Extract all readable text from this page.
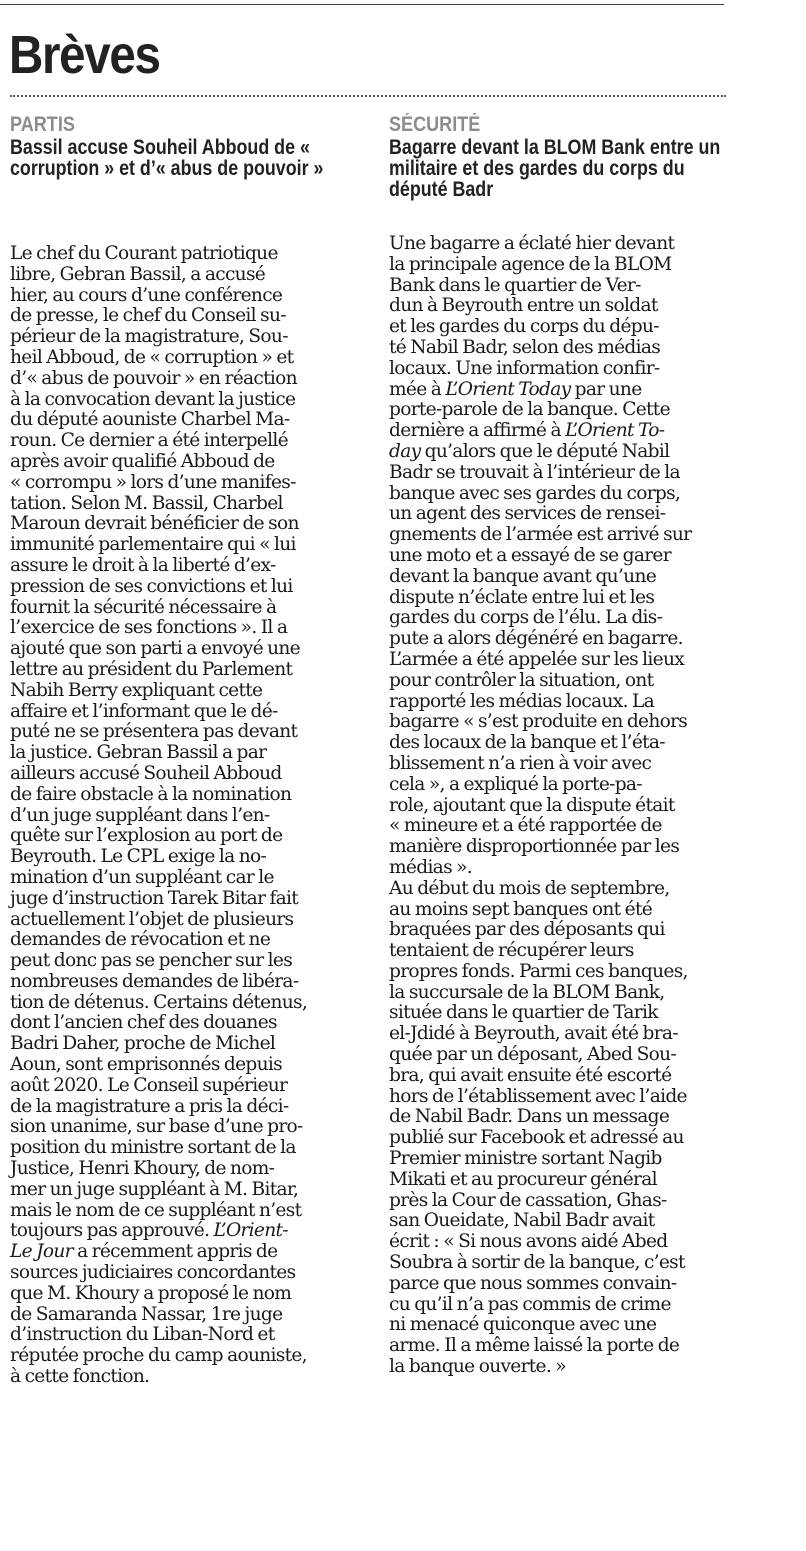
Brèves
PARTIS
Bassil accuse Souheil Abboud de « corruption » et d’« abus de pouvoir »
Le chef du Courant patriotique
libre, Gebran Bassil, a accusé
hier, au cours d’une conférence
de presse, le chef du Conseil su-
périeur de la magistrature, Sou-
heil Abboud, de « corruption » et
d’« abus de pouvoir » en réaction
à la convocation devant la justice
du député aouniste Charbel Ma-
roun. Ce dernier a été interpellé
après avoir qualifié Abboud de
« corrompu » lors d’une manifes-
tation. Selon M. Bassil, Charbel
Maroun devrait bénéficier de son
immunité parlementaire qui « lui
assure le droit à la liberté d’ex-
pression de ses convictions et lui
fournit la sécurité nécessaire à
l’exercice de ses fonctions ». Il a
ajouté que son parti a envoyé une
lettre au président du Parlement
Nabih Berry expliquant cette
affaire et l’informant que le dé-
puté ne se présentera pas devant
la justice. Gebran Bassil a par
ailleurs accusé Souheil Abboud
de faire obstacle à la nomination
d’un juge suppléant dans l’en-
quête sur l’explosion au port de
Beyrouth. Le CPL exige la no-
mination d’un suppléant car le
juge d’instruction Tarek Bitar fait
actuellement l’objet de plusieurs
demandes de révocation et ne
peut donc pas se pencher sur les
nombreuses demandes de libéra-
tion de détenus. Certains détenus,
dont l’ancien chef des douanes
Badri Daher, proche de Michel
Aoun, sont emprisonnés depuis
août 2020. Le Conseil supérieur
de la magistrature a pris la déci-
sion unanime, sur base d’une pro-
position du ministre sortant de la
Justice, Henri Khoury, de nom-
mer un juge suppléant à M. Bitar,
mais le nom de ce suppléant n’est
toujours pas approuvé. L’Orient-
Le Jour a récemment appris de
sources judiciaires concordantes
que M. Khoury a proposé le nom
de Samaranda Nassar, 1re juge
d’instruction du Liban-Nord et
réputée proche du camp aouniste,
à cette fonction.
SÉCURITÉ
Bagarre devant la BLOM Bank entre un militaire et des gardes du corps du député Badr
Une bagarre a éclaté hier devant
la principale agence de la BLOM
Bank dans le quartier de Ver-
dun à Beyrouth entre un soldat
et les gardes du corps du dépu-
té Nabil Badr, selon des médias
locaux. Une information confir-
mée à L’Orient Today par une
porte-parole de la banque. Cette
dernière a affirmé à L’Orient To-
day qu’alors que le député Nabil
Badr se trouvait à l’intérieur de la
banque avec ses gardes du corps,
un agent des services de rensei-
gnements de l’armée est arrivé sur
une moto et a essayé de se garer
devant la banque avant qu’une
dispute n’éclate entre lui et les
gardes du corps de l’élu. La dis-
pute a alors dégénéré en bagarre.
L’armée a été appelée sur les lieux
pour contrôler la situation, ont
rapporté les médias locaux. La
bagarre « s’est produite en dehors
des locaux de la banque et l’éta-
blissement n’a rien à voir avec
cela », a expliqué la porte-pa-
role, ajoutant que la dispute était
« mineure et a été rapportée de
manière disproportionnée par les
médias ».
Au début du mois de septembre,
au moins sept banques ont été
braquées par des déposants qui
tentaient de récupérer leurs
propres fonds. Parmi ces banques,
la succursale de la BLOM Bank,
située dans le quartier de Tarik
el-Jdidé à Beyrouth, avait été bra-
quée par un déposant, Abed Sou-
bra, qui avait ensuite été escorté
hors de l’établissement avec l’aide
de Nabil Badr. Dans un message
publié sur Facebook et adressé au
Premier ministre sortant Nagib
Mikati et au procureur général
près la Cour de cassation, Ghas-
san Oueidate, Nabil Badr avait
écrit : « Si nous avons aidé Abed
Soubra à sortir de la banque, c’est
parce que nous sommes convain-
cu qu’il n’a pas commis de crime
ni menacé quiconque avec une
arme. Il a même laissé la porte de
la banque ouverte. »
